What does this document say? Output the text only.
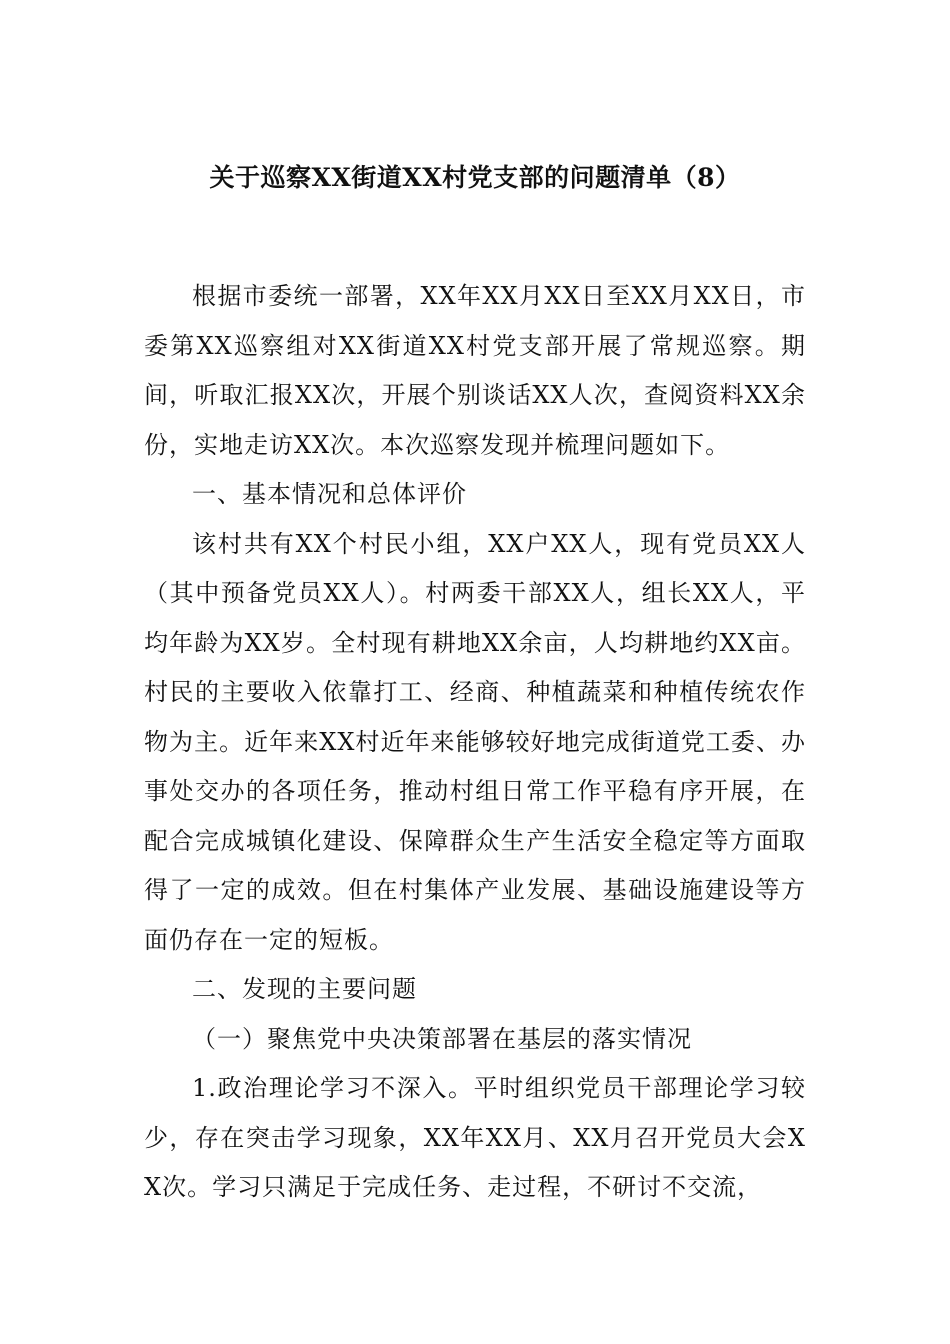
关于巡察XX街道XX村党支部的问题清单（8）

根据市委统一部署，XX年XX月XX日至XX月XX日，市委第XX巡察组对XX街道XX村党支部开展了常规巡察。期间，听取汇报XX次，开展个别谈话XX人次，查阅资料XX余份，实地走访XX次。本次巡察发现并梳理问题如下。

一、基本情况和总体评价

该村共有XX个村民小组，XX户XX人，现有党员XX人（其中预备党员XX人）。村两委干部XX人，组长XX人，平均年龄为XX岁。全村现有耕地XX余亩，人均耕地约XX亩。村民的主要收入依靠打工、经商、种植蔬菜和种植传统农作物为主。近年来XX村近年来能够较好地完成街道党工委、办事处交办的各项任务，推动村组日常工作平稳有序开展，在配合完成城镇化建设、保障群众生产生活安全稳定等方面取得了一定的成效。但在村集体产业发展、基础设施建设等方面仍存在一定的短板。

二、发现的主要问题

（一）聚焦党中央决策部署在基层的落实情况

1.政治理论学习不深入。平时组织党员干部理论学习较少，存在突击学习现象，XX年XX月、XX月召开党员大会XX次。学习只满足于完成任务、走过程，不研讨不交流，
